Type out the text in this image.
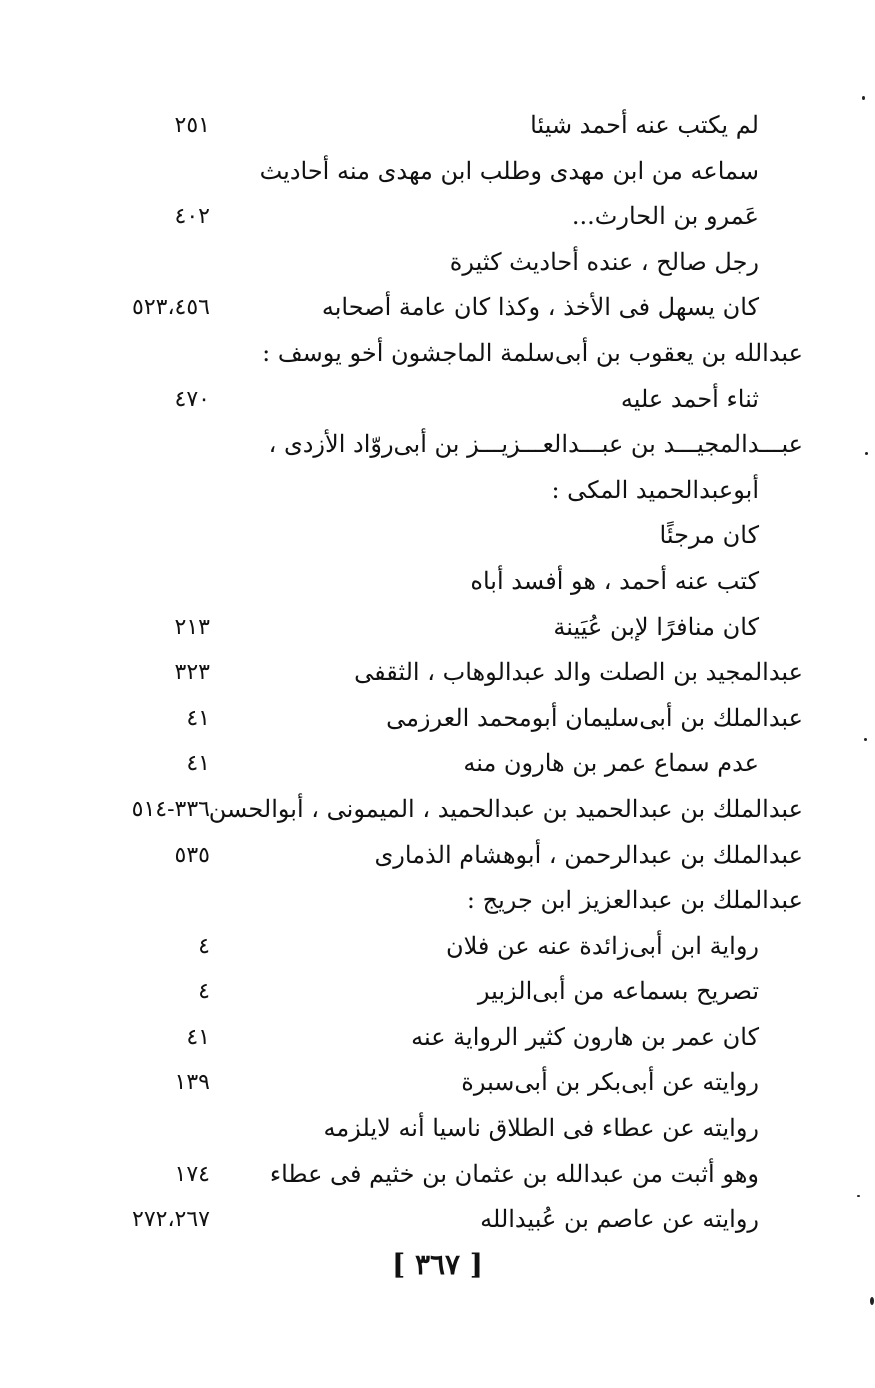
لم يكتب عنه أحمد شيئا
٢٥١
سماعه من ابن مهدى وطلب ابن مهدى منه أحاديث
عَمرو بن الحارث...
٤٠٢
رجل صالح ، عنده أحاديث كثيرة
كان يسهل فى الأخذ ، وكذا كان عامة أصحابه
٥٢٣،٤٥٦
عبدالله بن يعقوب بن أبى‌سلمة الماجشون أخو يوسف :
ثناء أحمد عليه
٤٧٠
عبـــدالمجيـــد بن عبـــدالعـــزيـــز بن أبى‌روّاد الأزدى ،
أبوعبدالحميد المكى :
كان مرجئًا
كتب عنه أحمد ، هو أفسد أباه
كان منافرًا لإبن عُيَينة
٢١٣
عبدالمجيد بن الصلت والد عبدالوهاب ، الثقفى
٣٢٣
عبدالملك بن أبى‌سليمان أبومحمد العرزمى
٤١
عدم سماع عمر بن هارون منه
٤١
عبدالملك بن عبدالحميد بن عبدالحميد ، الميمونى ، أبوالحسن
٣٣٦-٥١٤
عبدالملك بن عبدالرحمن ، أبوهشام الذمارى
٥٣٥
عبدالملك بن عبدالعزيز ابن جريج :
رواية ابن أبى‌زائدة عنه عن فلان
٤
تصريح بسماعه من أبى‌الزبير
٤
كان عمر بن هارون كثير الرواية عنه
٤١
روايته عن أبى‌بكر بن أبى‌سبرة
١٣٩
روايته عن عطاء فى الطلاق ناسيا أنه لايلزمه
وهو أثبت من عبدالله بن عثمان بن خثيم فى عطاء
١٧٤
روايته عن عاصم بن عُبيدالله
٢٧٢،٢٦٧
[ ٣٦٧ ]
